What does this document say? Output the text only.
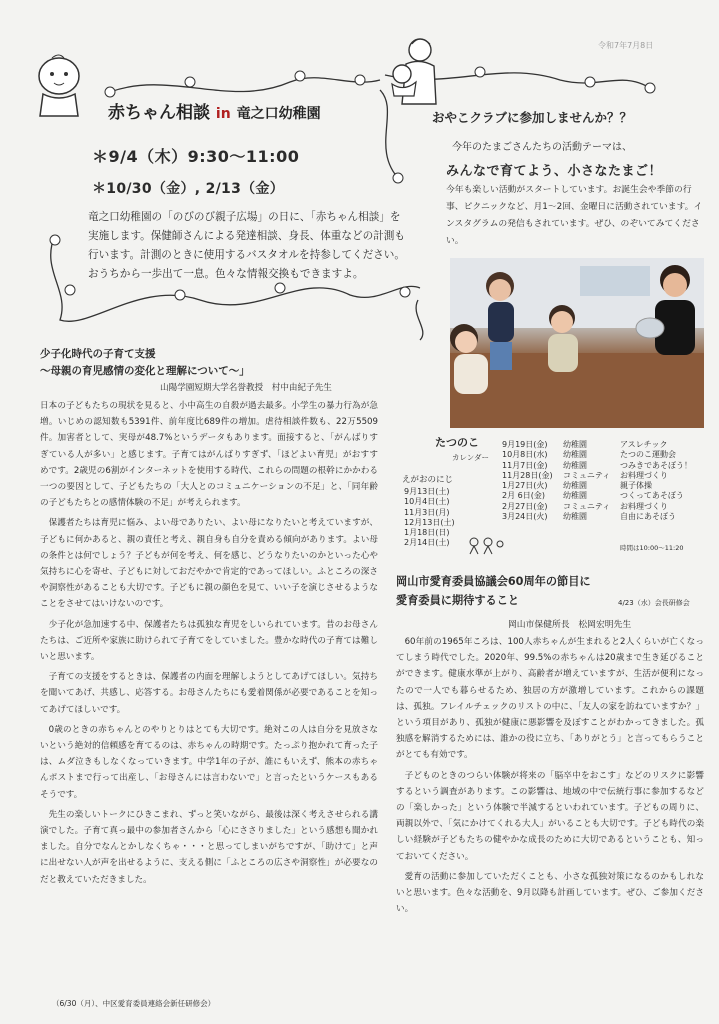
令和7年7月8日
赤ちゃん相談 in 竜之口幼稚園
＊9/4（木）9:30〜11:00
＊10/30（金）, 2/13（金）
竜之口幼稚園の「のびのび親子広場」の日に、「赤ちゃん相談」を実施します。保健師さんによる発達相談、身長、体重などの計測も行います。計測のときに使用するバスタオルを持参してください。おうちから一歩出て一息。色々な情報交換もできますよ。
おやこクラブに参加しませんか？？
今年のたまごさんたちの活動テーマは、
みんなで育てよう、小さなたまご！
今年も楽しい活動がスタートしています。お誕生会や季節の行事、ピクニックなど、月1〜2回、金曜日に活動されています。インスタグラムの発信もされています。ぜひ、のぞいてみてください。
少子化時代の子育て支援
〜母親の育児感情の変化と理解について〜」
山陽学園短期大学名誉教授　村中由紀子先生

日本の子どもたちの現状を見ると、小中高生の自殺が過去最多。小学生の暴力行為が急増。いじめの認知数も5391件、前年度比689件の増加。虐待相談件数も、22万5509件。加害者として、実母が48.7%というデータもあります。面接すると、「がんばりすぎている人が多い」と感じます。子育てはがんばりすぎず、「ほどよい育児」がおすすめです。2歳児の6割がインターネットを使用する時代、これらの問題の根幹にかかわる一つの要因として、子どもたちの「大人とのコミュニケーションの不足」と、「同年齢の子どもたちとの感情体験の不足」が考えられます。

保護者たちは育児に悩み、よい母でありたい、よい母になりたいと考えていますが、子どもに何かあると、親の責任と考え、親自身も自分を責める傾向があります。よい母の条件とは何でしょう？子どもが何を考え、何を感じ、どうなりたいのかといった心や気持ちに心を寄せ、子どもに対しておだやかで肯定的であってほしい。ふところの深さや洞察性があることも大切です。子どもに親の顔色を見て、いい子を演じさせるようなことをさせてはいけないのです。

少子化が急加速する中、保護者たちは孤独な育児をしいられています。昔のお母さんたちは、ご近所や家族に助けられて子育てをしていました。豊かな時代の子育ては難しいと思います。

子育ての支援をするときは、保護者の内面を理解しようとしてあげてほしい。気持ちを聞いてあげ、共感し、応答する。お母さんたちにも愛着関係が必要であることを知ってあげてほしいです。

0歳のときの赤ちゃんとのやりとりはとても大切です。絶対この人は自分を見放さないという絶対的信頼感を育てるのは、赤ちゃんの時期です。たっぷり抱かれて育った子は、ムダ泣きもしなくなっていきます。中学1年の子が、誰にもいえず、熊本の赤ちゃんポストまで行って出産し、「お母さんには言わないで」と言ったというケースもあるそうです。

先生の楽しいトークにひきこまれ、ずっと笑いながら、最後は深く考えさせられる講演でした。子育て真っ最中の参加者さんから「心にささりました」という感想も聞かれました。自分でなんとかしなくちゃ・・・と思ってしまいがちですが、「助けて」と声に出せない人が声を出せるように、支える側に「ふところの広さや洞察性」が必要なのだと教えていただきました。

（6/30（月）、中区愛育委員連絡会新任研修会）
たつのこ
カレンダー
えがおのにじ
9月13日(土)
10月4日(土)
11月3日(月)
12月13日(土)
1月18日(日)
2月14日(土)
9月19日(金)
10月8日(水)
11月7日(金)
11月28日(金)
1月27日(火)
2月 6日(金)
2月27日(金)
3月24日(火)
幼稚園
幼稚園
幼稚園
コミュニティ
幼稚園
幼稚園
コミュニティ
幼稚園
アスレチック
たつのこ運動会
つみきであそぼう！
お料理づくり
親子体操
つくってあそぼう
お料理づくり
自由にあそぼう
時間は10:00〜11:20
岡山市愛育委員協議会60周年の節目に
愛育委員に期待すること	4/23（水）会長研修会
岡山市保健所長　松岡宏明先生

60年前の1965年ころは、100人赤ちゃんが生まれると2人くらいが亡くなってしまう時代でした。2020年、99.5%の赤ちゃんは20歳まで生き延びることができます。健康水準が上がり、高齢者が増えていますが、生活が便利になったので一人でも暮らせるため、独居の方が激増しています。これからの課題は、孤独。フレイルチェックのリストの中に、「友人の家を訪ねていますか？」という項目があり、孤独が健康に悪影響を及ぼすことがわかってきました。孤独感を解消するためには、誰かの役に立ち、「ありがとう」と言ってもらうことがとても有効です。

子どものときのつらい体験が将来の「脳卒中をおこす」などのリスクに影響するという調査があります。この影響は、地域の中で伝統行事に参加するなどの「楽しかった」という体験で半減するといわれています。子どもの周りに、両親以外で、「気にかけてくれる大人」がいることも大切です。子ども時代の楽しい経験が子どもたちの健やかな成長のために大切であるということも、知っておいてください。

愛育の活動に参加していただくことも、小さな孤独対策になるのかもしれないと思います。色々な活動を、9月以降も計画しています。ぜひ、ご参加ください。
